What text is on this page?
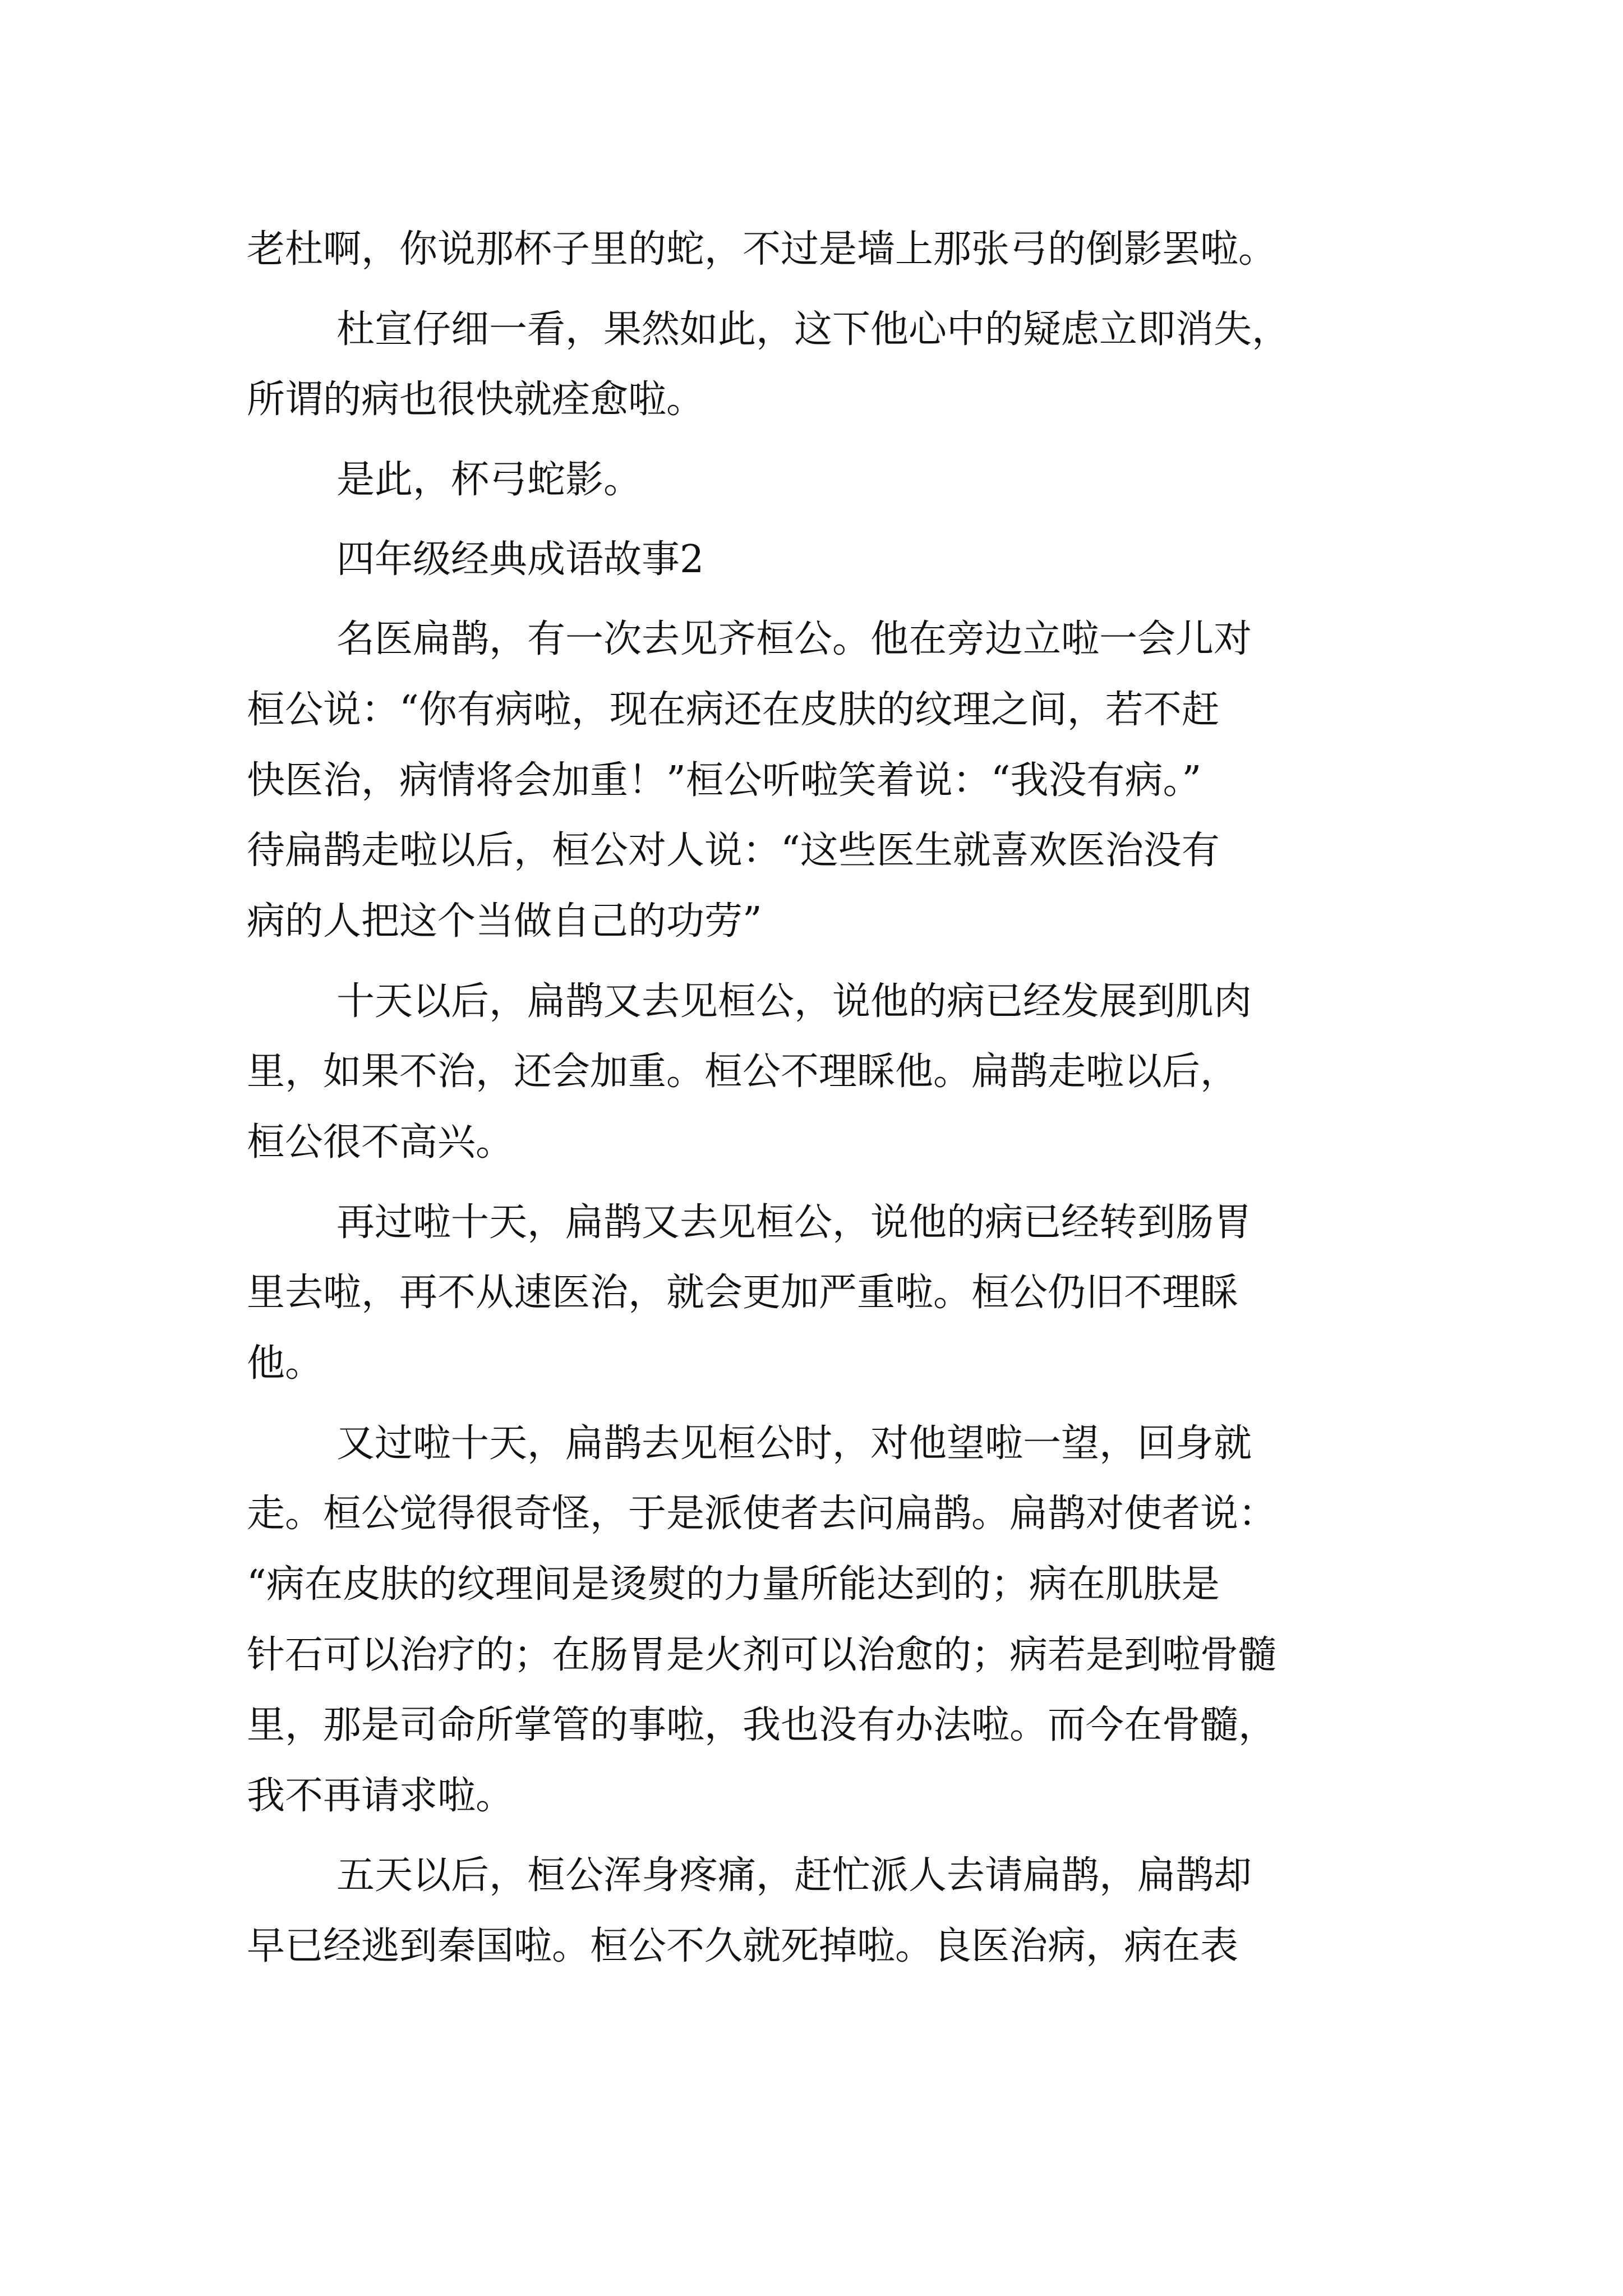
老杜啊，你说那杯子里的蛇，不过是墙上那张弓的倒影罢啦。
杜宣仔细一看，果然如此，这下他心中的疑虑立即消失，
所谓的病也很快就痊愈啦。
是此，杯弓蛇影。
四年级经典成语故事2
名医扁鹊，有一次去见齐桓公。他在旁边立啦一会儿对
桓公说：“你有病啦，现在病还在皮肤的纹理之间，若不赶
快医治，病情将会加重！”桓公听啦笑着说：“我没有病。”
待扁鹊走啦以后，桓公对人说：“这些医生就喜欢医治没有
病的人把这个当做自己的功劳”
十天以后，扁鹊又去见桓公，说他的病已经发展到肌肉
里，如果不治，还会加重。桓公不理睬他。扁鹊走啦以后，
桓公很不高兴。
再过啦十天，扁鹊又去见桓公，说他的病已经转到肠胃
里去啦，再不从速医治，就会更加严重啦。桓公仍旧不理睬
他。
又过啦十天，扁鹊去见桓公时，对他望啦一望，回身就
走。桓公觉得很奇怪，于是派使者去问扁鹊。扁鹊对使者说：
“病在皮肤的纹理间是烫熨的力量所能达到的；病在肌肤是
针石可以治疗的；在肠胃是火剂可以治愈的；病若是到啦骨髓
里，那是司命所掌管的事啦，我也没有办法啦。而今在骨髓，
我不再请求啦。
五天以后，桓公浑身疼痛，赶忙派人去请扁鹊，扁鹊却
早已经逃到秦国啦。桓公不久就死掉啦。良医治病，病在表
